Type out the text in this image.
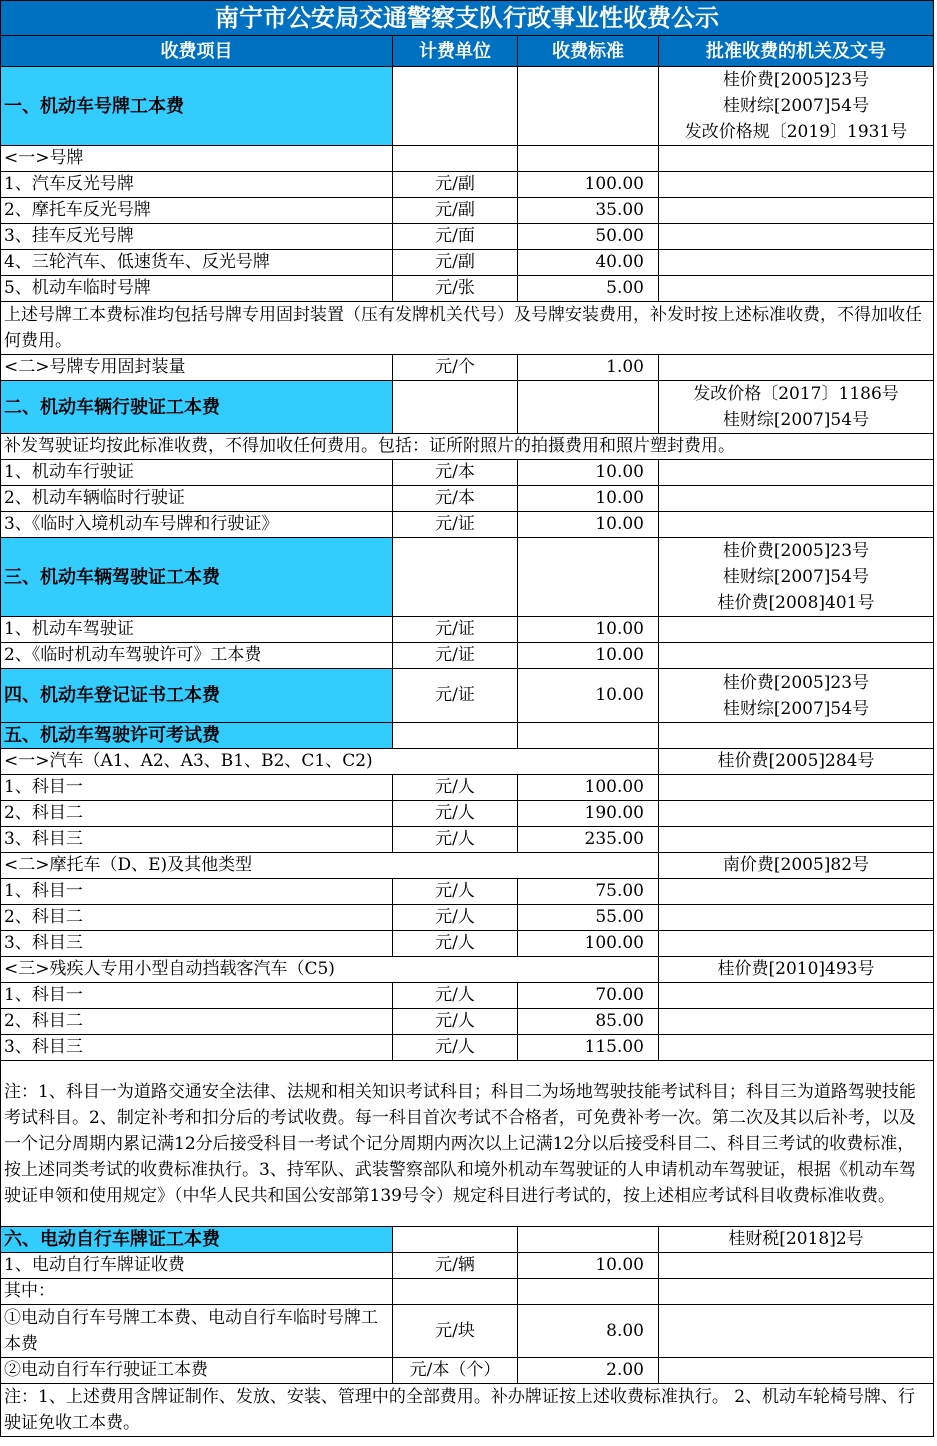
南宁市公安局交通警察支队行政事业性收费公示			
收费项目	计费单位	收费标准	批准收费的机关及文号
一、机动车号牌工本费			桂价费[2005]23号
桂财综[2007]54号
发改价格规〔2019〕1931号

<一>号牌			
1、汽车反光号牌	元/副	100.00	
2、摩托车反光号牌	元/副	35.00	
3、挂车反光号牌	元/面	50.00	
4、三轮汽车、低速货车、反光号牌	元/副	40.00	
5、机动车临时号牌	元/张	5.00	
上述号牌工本费标准均包括号牌专用固封装置（压有发牌机关代号）及号牌安装费用，补发时按上述标准收费，不得加收任何费用。			
<二>号牌专用固封装量	元/个	1.00	
二、机动车辆行驶证工本费			发改价格〔2017〕1186号
桂财综[2007]54号

补发驾驶证均按此标准收费，不得加收任何费用。包括：证所附照片的拍摄费用和照片塑封费用。			
1、机动车行驶证	元/本	10.00	
2、机动车辆临时行驶证	元/本	10.00	
3、《临时入境机动车号牌和行驶证》	元/证	10.00	
三、机动车辆驾驶证工本费			桂价费[2005]23号
桂财综[2007]54号
桂价费[2008]401号

1、机动车驾驶证	元/证	10.00	
2、《临时机动车驾驶许可》工本费	元/证	10.00	
四、机动车登记证书工本费	元/证	10.00	桂价费[2005]23号
桂财综[2007]54号

五、机动车驾驶许可考试费			
<一>汽车（A1、A2、A3、B1、B2、C1、C2)			桂价费[2005]284号
1、科目一	元/人	100.00	
2、科目二	元/人	190.00	
3、科目三	元/人	235.00	
<二>摩托车（D、E)及其他类型			南价费[2005]82号
1、科目一	元/人	75.00	
2、科目二	元/人	55.00	
3、科目三	元/人	100.00	
<三>残疾人专用小型自动挡载客汽车（C5)			桂价费[2010]493号
1、科目一	元/人	70.00	
2、科目二	元/人	85.00	
3、科目三	元/人	115.00	
注：1、科目一为道路交通安全法律、法规和相关知识考试科目；科目二为场地驾驶技能考试科目；科目三为道路驾驶技能考试科目。2、制定补考和扣分后的考试收费。每一科目首次考试不合格者，可免费补考一次。第二次及其以后补考，以及一个记分周期内累记满12分后接受科目一考试个记分周期内两次以上记满12分以后接受科目二、科目三考试的收费标准，按上述同类考试的收费标准执行。3、持军队、武装警察部队和境外机动车驾驶证的人申请机动车驾驶证，根据《机动车驾驶证申领和使用规定》（中华人民共和国公安部第139号令）规定科目进行考试的，按上述相应考试科目收费标准收费。			
六、电动自行车牌证工本费			桂财税[2018]2号
1、电动自行车牌证收费	元/辆	10.00	
其中：			
①电动自行车号牌工本费、电动自行车临时号牌工本费	元/块	8.00	
②电动自行车行驶证工本费	元/本（个）	2.00	
注：1、上述费用含牌证制作、发放、安装、管理中的全部费用。补办牌证按上述收费标准执行。 2、机动车轮椅号牌、行驶证免收工本费。			
